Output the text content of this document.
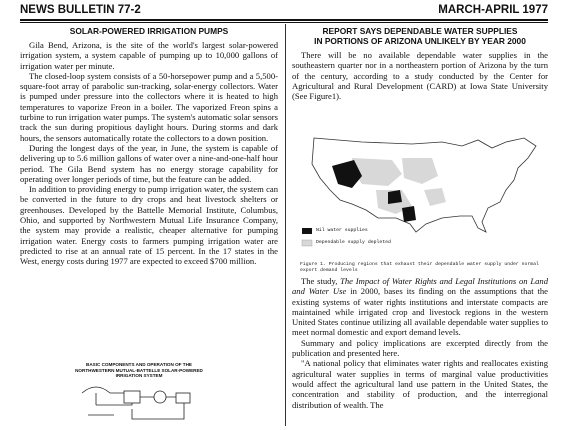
NEWS BULLETIN 77-2	MARCH-APRIL 1977
SOLAR-POWERED IRRIGATION PUMPS

Gila Bend, Arizona, is the site of the world's largest solar-powered irrigation system, a system capable of pumping up to 10,000 gallons of irrigation water per minute.

The closed-loop system consists of a 50-horsepower pump and a 5,500-square-foot array of parabolic sun-tracking, solar-energy collectors. Water is pumped under pressure into the collectors where it is heated to high temperatures to vaporize Freon in a boiler. The vaporized Freon spins a turbine to run irrigation water pumps. The system's automatic solar sensors track the sun during propitious daylight hours. During storms and dark hours, the sensors automatically rotate the collectors to a down position.

During the longest days of the year, in June, the system is capable of delivering up to 5.6 million gallons of water over a nine-and-one-half hour period. The Gila Bend system has no energy storage capability for operating over longer periods of time, but the feature can be added.

In addition to providing energy to pump irrigation water, the system can be converted in the future to dry crops and heat livestock shelters or greenhouses. Developed by the Battelle Memorial Institute, Columbus, Ohio, and supported by Northwestern Mutual Life Insurance Company, the system may provide a realistic, cheaper alternative for pumping irrigation water. Energy costs to farmers pumping irrigation water are predicted to rise at an annual rate of 15 percent. In the 17 states in the West, energy costs during 1977 are expected to exceed $700 million.

BASIC COMPONENTS AND OPERATION OF THE NORTHWESTERN MUTUAL-BATTELLE SOLAR-POWERED IRRIGATION SYSTEM
REPORT SAYS DEPENDABLE WATER SUPPLIES
IN PORTIONS OF ARIZONA UNLIKELY BY YEAR 2000

There will be no available dependable water supplies in the southeastern quarter nor in a northeastern portion of Arizona by the turn of the century, according to a study conducted by the Center for Agricultural and Rural Development (CARD) at Iowa State University (See Figure1).

Nil water supplies
Dependable supply depleted
Figure 1. Producing regions that exhaust their dependable water supply under normal export demand levels

The study, The Impact of Water Rights and Legal Institutions on Land and Water Use in 2000, bases its finding on the assumptions that the existing systems of water rights institutions and interstate compacts are maintained while irrigated crop and livestock regions in the western United States continue utilizing all available dependable water supplies to meet normal domestic and export demand levels.

Summary and policy implications are excerpted directly from the publication and presented here.

"A national policy that eliminates water rights and reallocates existing agricultural water supplies in terms of marginal value productivities would affect the agricultural land use pattern in the United States, the concentration and stability of production, and the interregional distribution of wealth. The
